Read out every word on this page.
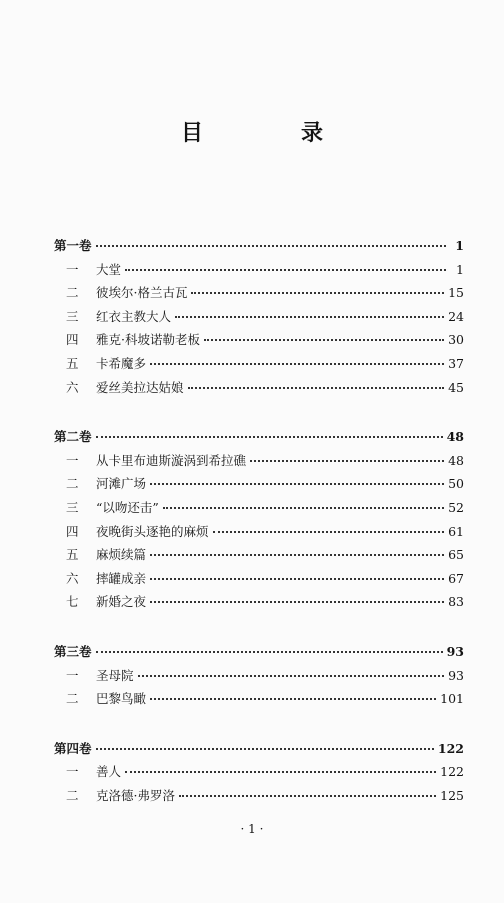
目　录
第一卷	1
一	大堂	1
二	彼埃尔·格兰古瓦	15
三	红衣主教大人	24
四	雅克·科坡诺勒老板	30
五	卡希魔多	37
六	爱丝美拉达姑娘	45
第二卷	48
一	从卡里布迪斯漩涡到希拉礁	48
二	河滩广场	50
三	“以吻还击”	52
四	夜晚街头逐艳的麻烦	61
五	麻烦续篇	65
六	摔罐成亲	67
七	新婚之夜	83
第三卷	93
一	圣母院	93
二	巴黎鸟瞰	101
第四卷	122
一	善人	122
二	克洛德·弗罗洛	125
· 1 ·
